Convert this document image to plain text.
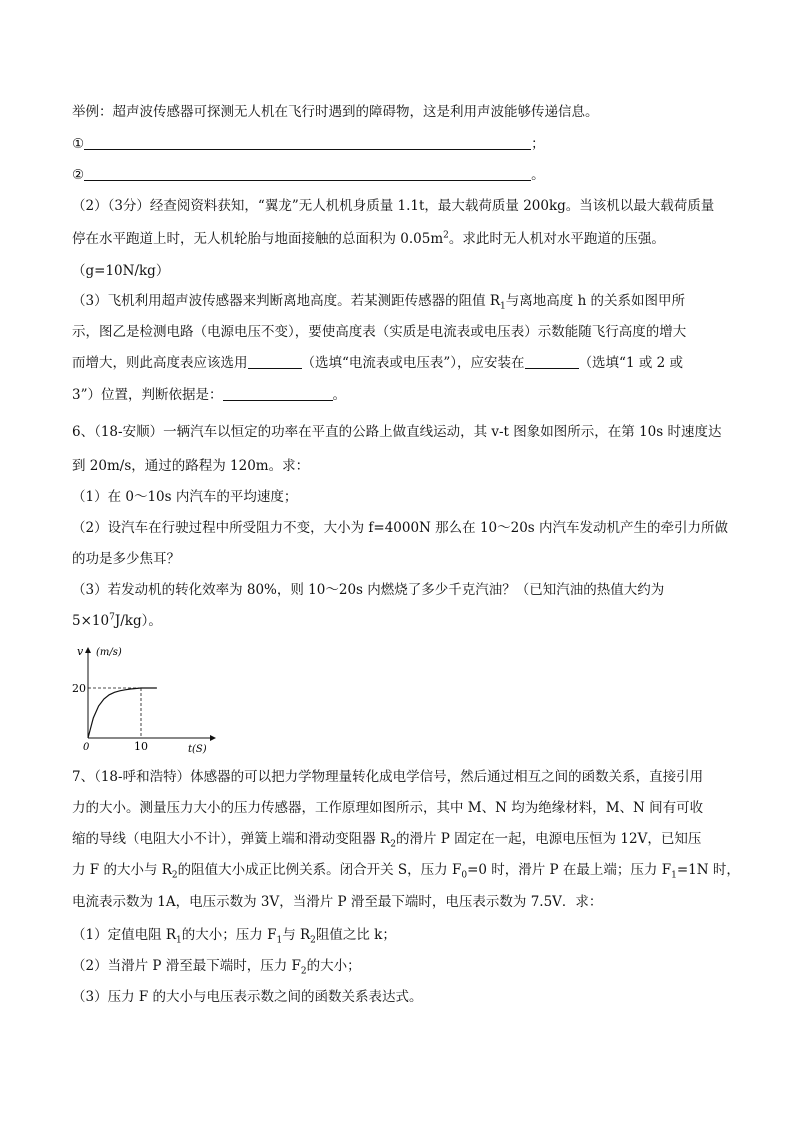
举例：超声波传感器可探测无人机在飞行时遇到的障碍物，这是利用声波能够传递信息。
①	；
②	。
（2）（3分）经查阅资料获知，“翼龙”无人机机身质量 1.1t，最大载荷质量 200kg。当该机以最大载荷质量
停在水平跑道上时，无人机轮胎与地面接触的总面积为 $0.05m^2$。求此时无人机对水平跑道的压强。
（g=10N/kg）
（3）飞机利用超声波传感器来判断离地高度。若某测距传感器的阻值 $R_1$与离地高度 h 的关系如图甲所
示，图乙是检测电路（电源电压不变），要使高度表（实质是电流表或电压表）示数能随飞行高度的增大
而增大，则此高度表应该选用	（选填“电流表或电压表”），应安装在	（选填“1 或 2 或
3”）位置，判断依据是：	。
6、（18-安顺）一辆汽车以恒定的功率在平直的公路上做直线运动，其 v-t 图象如图所示，在第 10s 时速度达
到 20m/s，通过的路程为 120m。求：
（1）在 0～10s 内汽车的平均速度；
（2）设汽车在行驶过程中所受阻力不变，大小为 f=4000N 那么在 10～20s 内汽车发动机产生的牵引力所做
的功是多少焦耳？
（3）若发动机的转化效率为 80%，则 10～20s 内燃烧了多少千克汽油？（已知汽油的热值大约为
$5\times 10^7J/kg$）。
v (m/s)
t(S)
0
20
10
7、（18-呼和浩特）体感器的可以把力学物理量转化成电学信号，然后通过相互之间的函数关系，直接引用
力的大小。测量压力大小的压力传感器，工作原理如图所示，其中 M、N 均为绝缘材料，M、N 间有可收
缩的导线（电阻大小不计），弹簧上端和滑动变阻器 $R_2$的滑片 P 固定在一起，电源电压恒为 12V，已知压
力 F 的大小与 $R_2$的阻值大小成正比例关系。闭合开关 S，压力 $F_0=0$ 时，滑片 P 在最上端；压力 $F_1=1N$ 时，
电流表示数为 1A，电压示数为 3V，当滑片 P 滑至最下端时，电压表示数为 7.5V．求：
（1）定值电阻 $R_1$的大小；压力 $F_1$与 $R_2$阻值之比 k；
（2）当滑片 P 滑至最下端时，压力 $F_2$的大小；
（3）压力 F 的大小与电压表示数之间的函数关系表达式。
